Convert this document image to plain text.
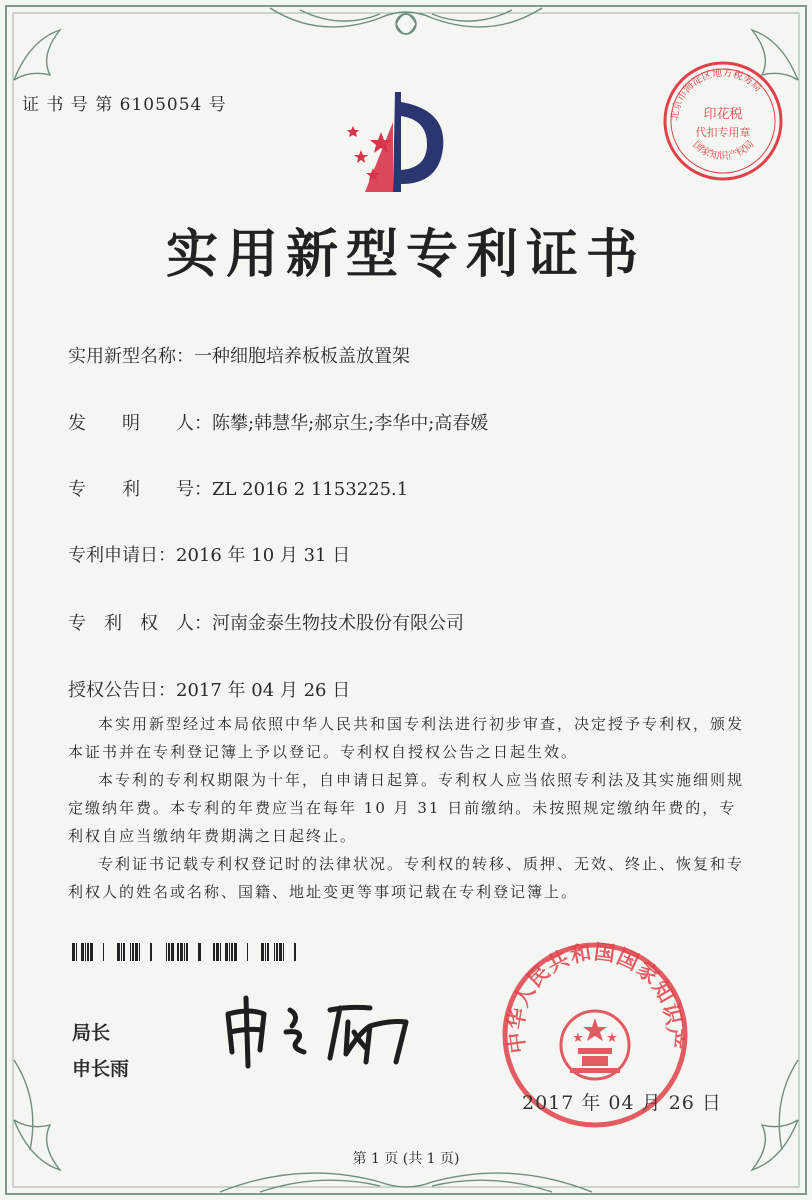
证 书 号 第 6105054 号
北京市海淀区地方税务局
印花税
代扣专用章
国家知识产权局
实用新型专利证书
实用新型名称：一种细胞培养板板盖放置架
发　　明　　人：陈攀;韩慧华;郝京生;李华中;高春媛
专　　利　　号：ZL 2016 2 1153225.1
专利申请日：2016 年 10 月 31 日
专　利　权　人：河南金泰生物技术股份有限公司
授权公告日：2017 年 04 月 26 日

本实用新型经过本局依照中华人民共和国专利法进行初步审查，决定授予专利权，颁发本证书并在专利登记簿上予以登记。专利权自授权公告之日起生效。

本专利的专利权期限为十年，自申请日起算。专利权人应当依照专利法及其实施细则规定缴纳年费。本专利的年费应当在每年 10 月 31 日前缴纳。未按照规定缴纳年费的，专利权自应当缴纳年费期满之日起终止。

专利证书记载专利权登记时的法律状况。专利权的转移、质押、无效、终止、恢复和专利权人的姓名或名称、国籍、地址变更等事项记载在专利登记簿上。

局长
申长雨
中华人民共和国国家知识产
2017 年 04 月 26 日
第 1 页 (共 1 页)
